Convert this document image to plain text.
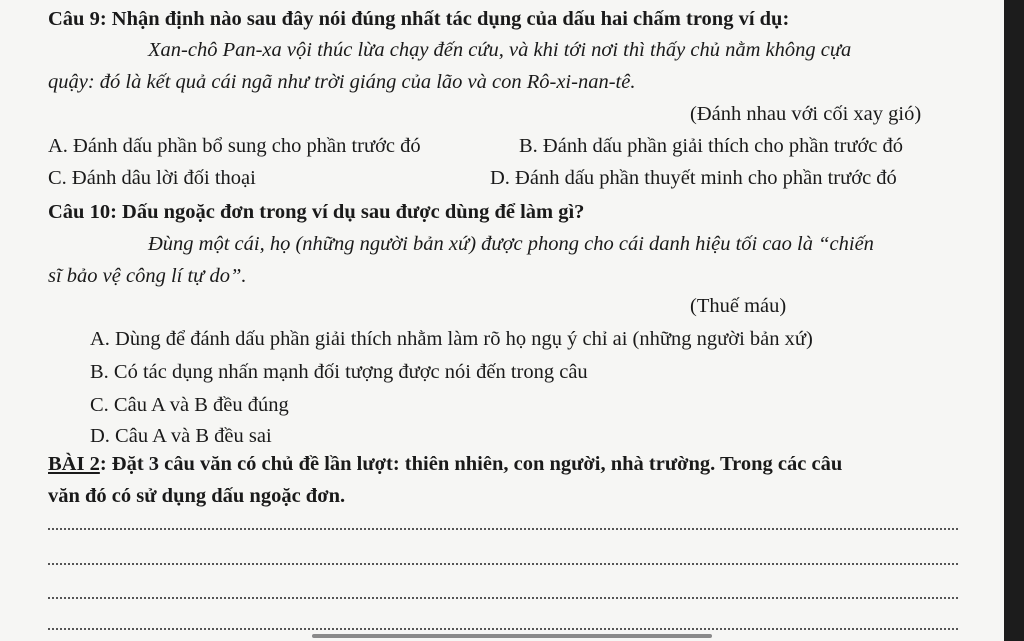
Câu 9: Nhận định nào sau đây nói đúng nhất tác dụng của dấu hai chấm trong ví dụ:
Xan-chô Pan-xa vội thúc lừa chạy đến cứu, và khi tới nơi thì thấy chủ nằm không cựa
quậy: đó là kết quả cái ngã như trời giáng của lão và con Rô-xi-nan-tê.
(Đánh nhau với cối xay gió)
A. Đánh dấu phần bổ sung cho phần trước đó	B. Đánh dấu phần giải thích cho phần trước đó
C. Đánh dâu lời đối thoại	D. Đánh dấu phần thuyết minh cho phần trước đó
Câu 10: Dấu ngoặc đơn trong ví dụ sau được dùng để làm gì?
Đùng một cái, họ (những người bản xứ) được phong cho cái danh hiệu tối cao là “chiến
sĩ bảo vệ công lí tự do”.
(Thuế máu)
A. Dùng để đánh dấu phần giải thích nhằm làm rõ họ ngụ ý chỉ ai (những người bản xứ)
B. Có tác dụng nhấn mạnh đối tượng được nói đến trong câu
C. Câu A và B đều đúng
D. Câu A và B đều sai
BÀI 2: Đặt 3 câu văn có chủ đề lần lượt: thiên nhiên, con người, nhà trường. Trong các câu
văn đó có sử dụng dấu ngoặc đơn.
